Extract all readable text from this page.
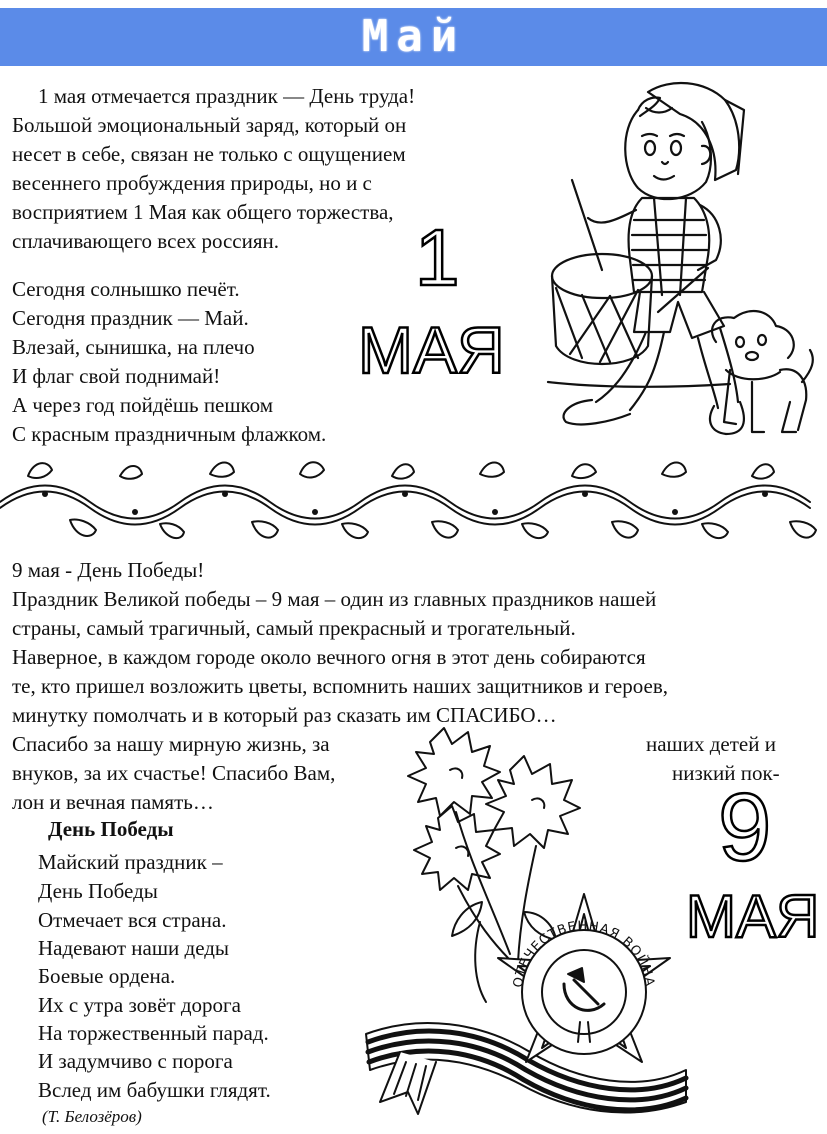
Май
1 мая отмечается праздник — День труда!
Большой эмоциональный заряд, который он
несет в себе, связан не только с ощущением
весеннего пробуждения природы, но и с
восприятием 1 Мая как общего торжества,
сплачивающего всех россиян.
Сегодня солнышко печёт.
Сегодня праздник — Май.
Влезай, сынишка, на плечо
И флаг свой поднимай!
А через год пойдёшь пешком
С красным праздничным флажком.
1
МАЯ
9 мая - День Победы!
Праздник Великой победы – 9 мая – один из главных праздников нашей
страны, самый трагичный, самый прекрасный и трогательный.
Наверное, в каждом городе около вечного огня в этот день собираются
те, кто пришел возложить цветы, вспомнить наших защитников и героев,
минутку помолчать и в который раз сказать им СПАСИБО…
Спасибо за нашу мирную жизнь, за	наших детей и
внуков, за их счастье! Спасибо Вам,	низкий пок-
лон и вечная память…
День Победы
Майский праздник –
День Победы
Отмечает вся страна.
Надевают наши деды
Боевые ордена.
Их с утра зовёт дорога
На торжественный парад.
И задумчиво с порога
Вслед им бабушки глядят.
(Т. Белозёров)
9
МАЯ
ОТЕЧЕСТВЕННАЯ ВОЙНА
